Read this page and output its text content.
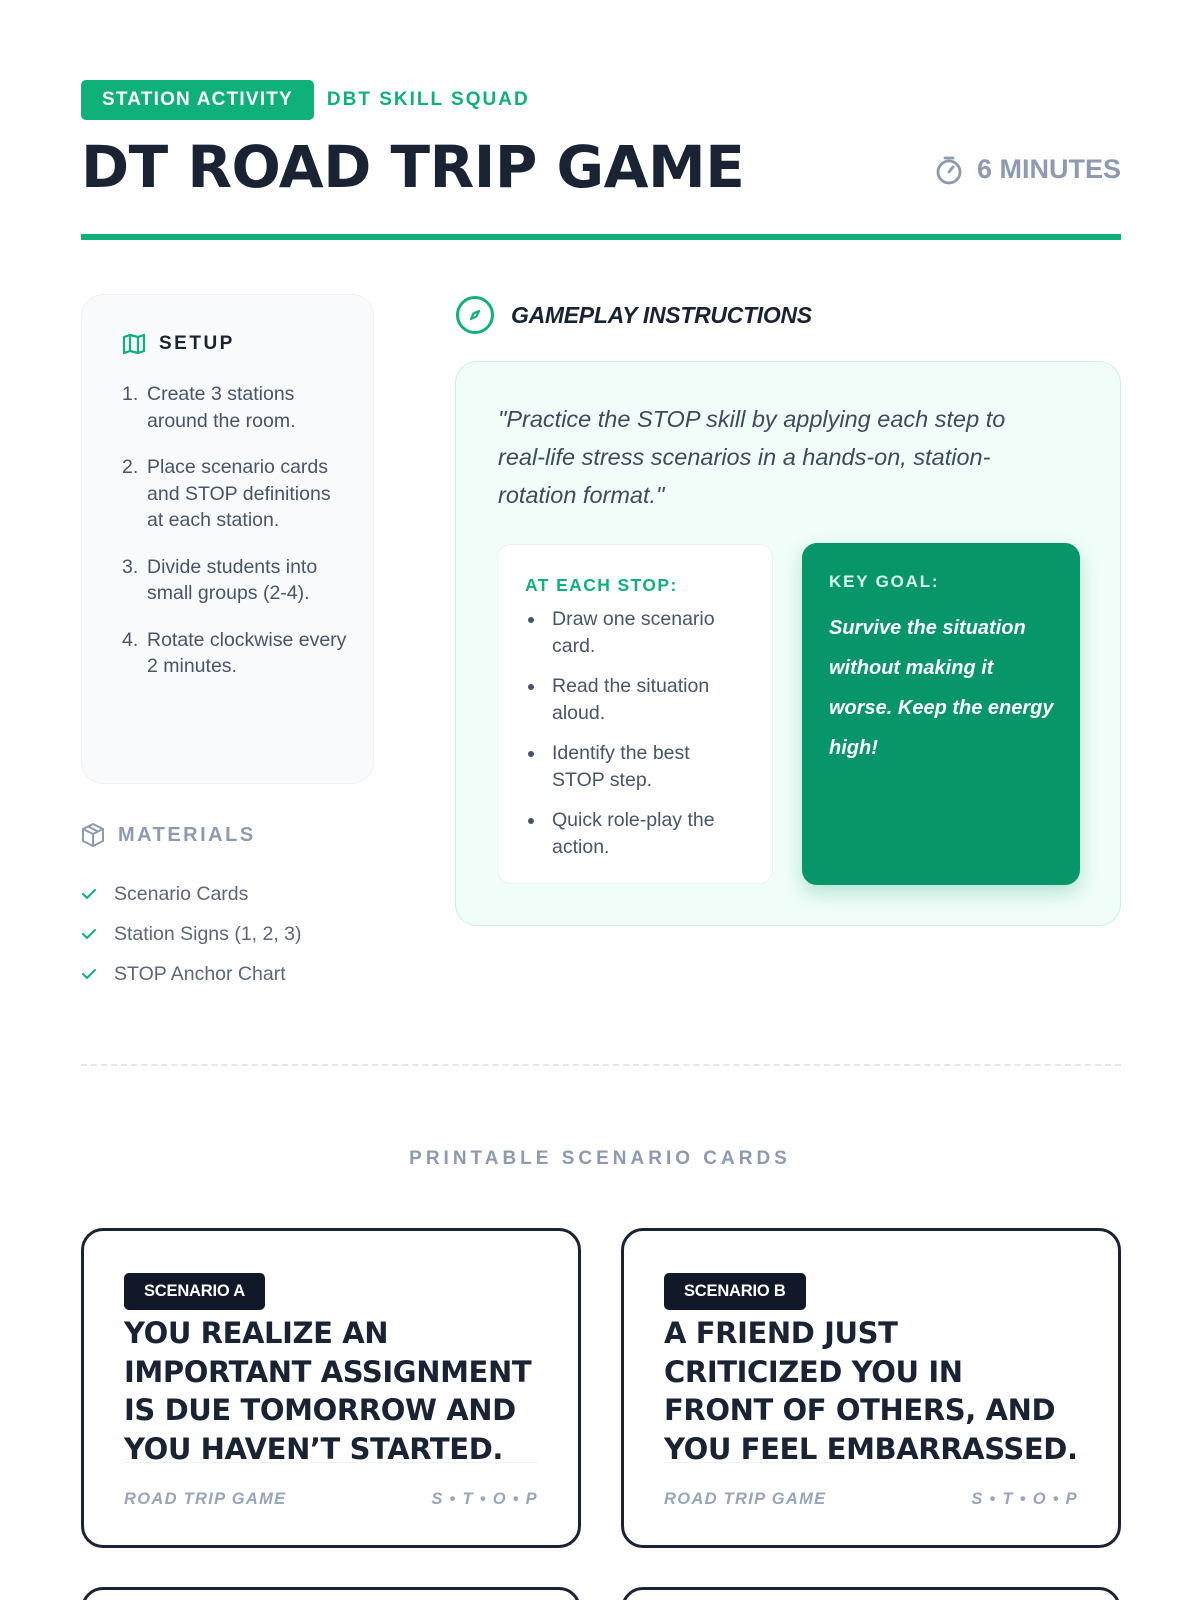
STATION ACTIVITY	DBT SKILL SQUAD
DT ROAD TRIP GAME	6 MINUTES
SETUP
1. Create 3 stations around the room.
2. Place scenario cards and STOP definitions at each station.
3. Divide students into small groups (2-4).
4. Rotate clockwise every 2 minutes.
MATERIALS
Scenario Cards
Station Signs (1, 2, 3)
STOP Anchor Chart
GAMEPLAY INSTRUCTIONS

"Practice the STOP skill by applying each step to real-life stress scenarios in a hands-on, station-rotation format."

AT EACH STOP:
Draw one scenario card.
Read the situation aloud.
Identify the best STOP step.
Quick role-play the action.
KEY GOAL:

Survive the situation without making it worse. Keep the energy high!

PRINTABLE SCENARIO CARDS
SCENARIO A
YOU REALIZE AN IMPORTANT ASSIGNMENT IS DUE TOMORROW AND YOU HAVEN’T STARTED.
ROAD TRIP GAME	S • T • O • P
SCENARIO B
A FRIEND JUST CRITICIZED YOU IN FRONT OF OTHERS, AND YOU FEEL EMBARRASSED.
ROAD TRIP GAME	S • T • O • P
